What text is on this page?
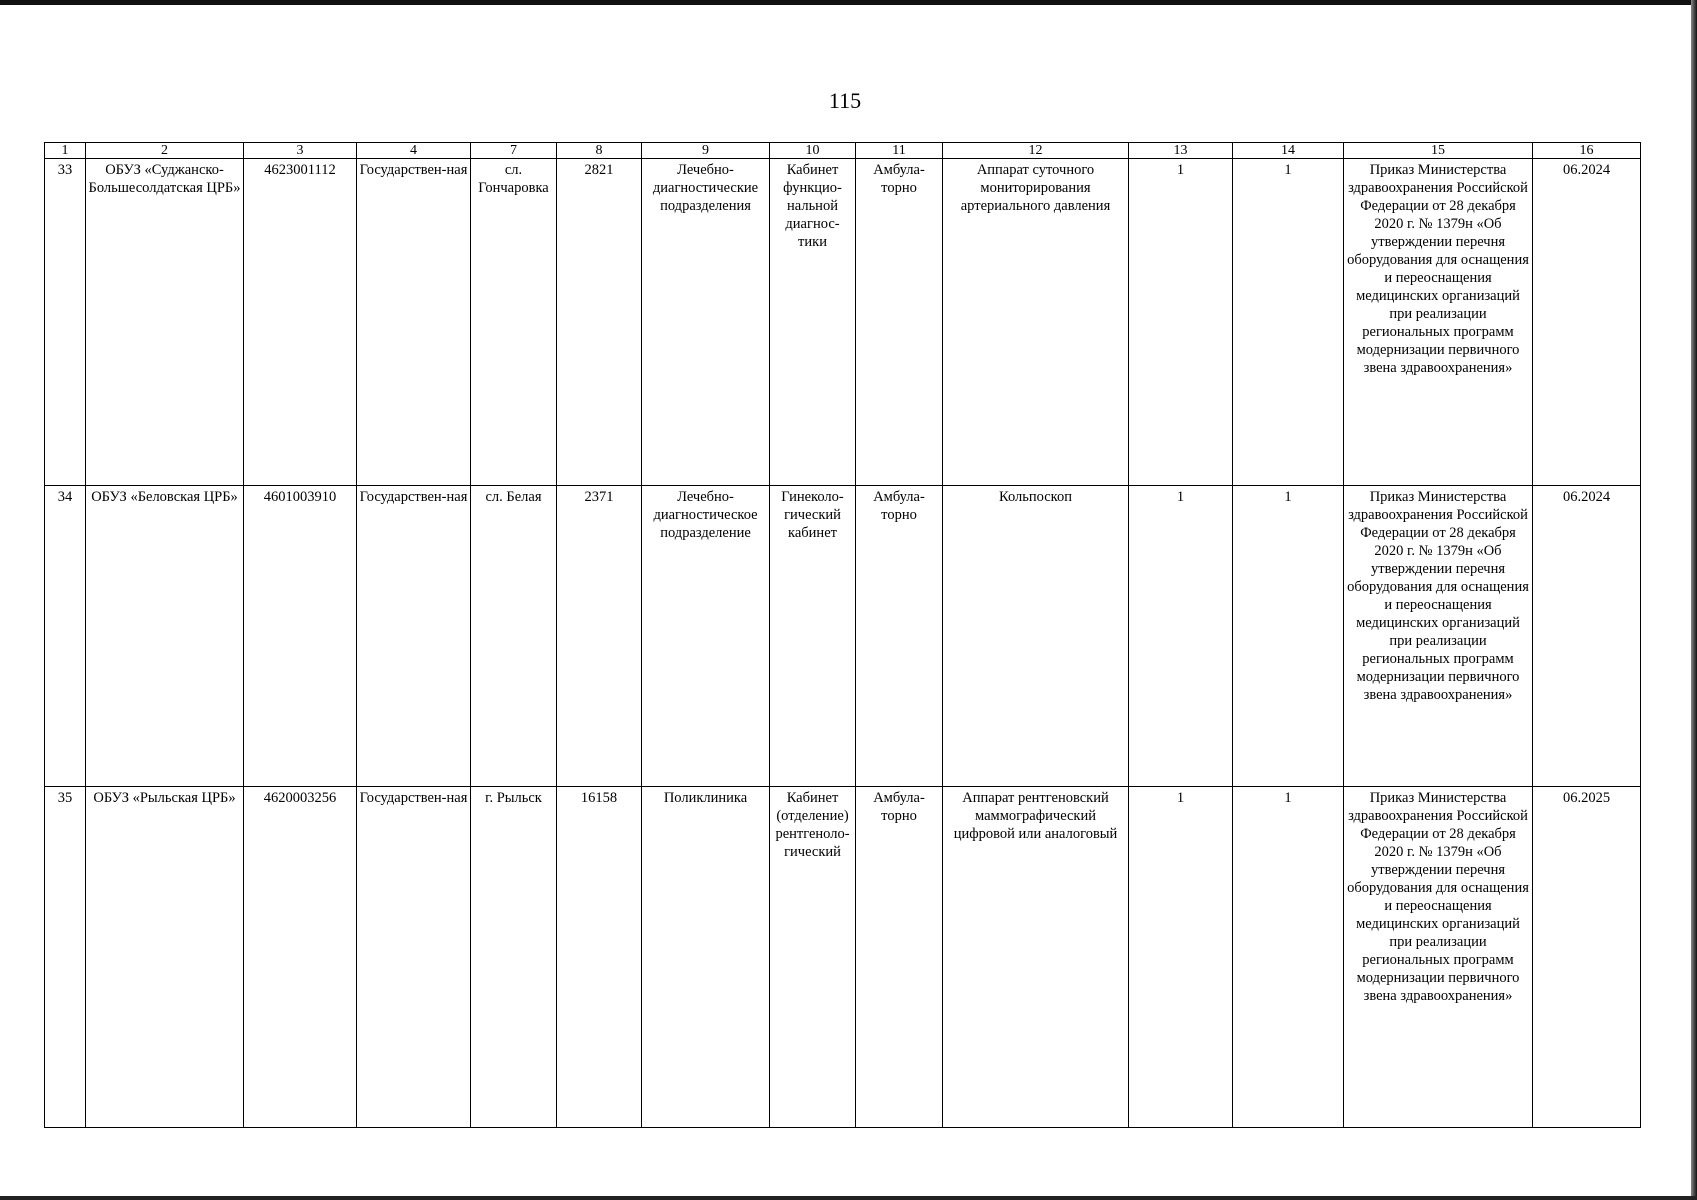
115
1	2	3	4	7	8	9	10	11	12	13	14	15	16
33	ОБУЗ «Суджанско-Большесолдатская ЦРБ»	4623001112	Государствен-ная	сл. Гончаровка	2821	Лечебно-диагностические подразделения	Кабинет функцио-нальной диагнос-тики	Амбула-торно	Аппарат суточного мониторирования артериального давления	1	1	Приказ Министерства здравоохранения Российской Федерации от 28 декабря 2020 г. № 1379н «Об утверждении перечня оборудования для оснащения и переоснащения медицинских организаций при реализации региональных программ модернизации первичного звена здравоохранения»	06.2024
34	ОБУЗ «Беловская ЦРБ»	4601003910	Государствен-ная	сл. Белая	2371	Лечебно-диагностическое подразделение	Гинеколо-гический кабинет	Амбула-торно	Кольпоскоп	1	1	Приказ Министерства здравоохранения Российской Федерации от 28 декабря 2020 г. № 1379н «Об утверждении перечня оборудования для оснащения и переоснащения медицинских организаций при реализации региональных программ модернизации первичного звена здравоохранения»	06.2024
35	ОБУЗ «Рыльская ЦРБ»	4620003256	Государствен-ная	г. Рыльск	16158	Поликлиника	Кабинет (отделение) рентгеноло-гический	Амбула-торно	Аппарат рентгеновский маммографический цифровой или аналоговый	1	1	Приказ Министерства здравоохранения Российской Федерации от 28 декабря 2020 г. № 1379н «Об утверждении перечня оборудования для оснащения и переоснащения медицинских организаций при реализации региональных программ модернизации первичного звена здравоохранения»	06.2025
